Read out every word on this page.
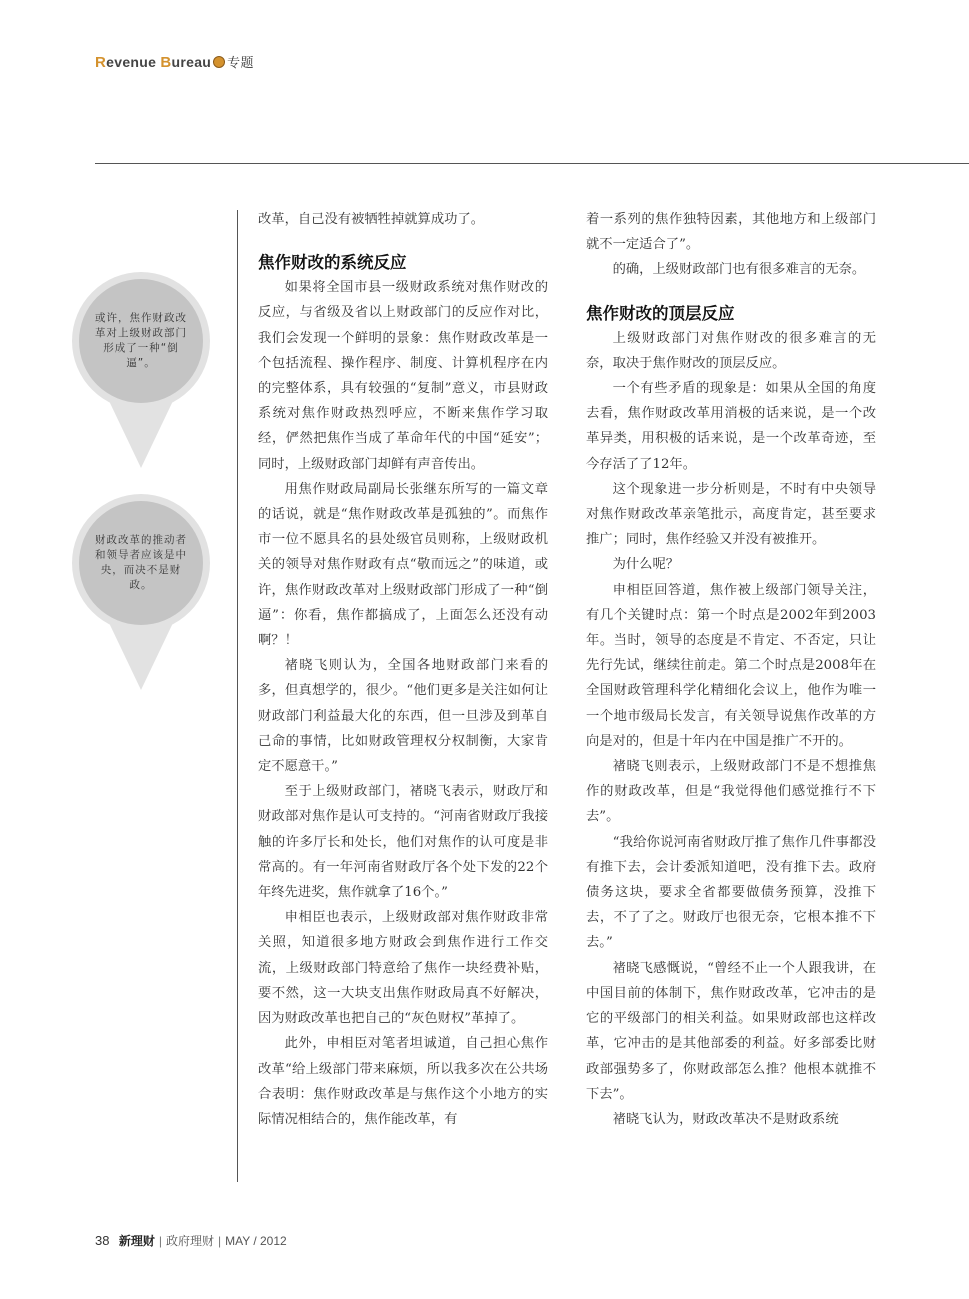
Revenue Bureau 专题
或许，焦作财政改革对上级财政部门形成了一种“倒逼”。
财政改革的推动者和领导者应该是中央，而决不是财政。

改革，自己没有被牺牲掉就算成功了。

焦作财改的系统反应

如果将全国市县一级财政系统对焦作财改的反应，与省级及省以上财政部门的反应作对比，我们会发现一个鲜明的景象：焦作财政改革是一个包括流程、操作程序、制度、计算机程序在内的完整体系，具有较强的“复制”意义，市县财政系统对焦作财政热烈呼应，不断来焦作学习取经，俨然把焦作当成了革命年代的中国“延安”；同时，上级财政部门却鲜有声音传出。

用焦作财政局副局长张继东所写的一篇文章的话说，就是“焦作财政改革是孤独的”。而焦作市一位不愿具名的县处级官员则称，上级财政机关的领导对焦作财政有点“敬而远之”的味道，或许，焦作财政改革对上级财政部门形成了一种“倒逼”：你看，焦作都搞成了，上面怎么还没有动啊？！

禇晓飞则认为，全国各地财政部门来看的多，但真想学的，很少。“他们更多是关注如何让财政部门利益最大化的东西，但一旦涉及到革自己命的事情，比如财政管理权分权制衡，大家肯定不愿意干。”

至于上级财政部门，禇晓飞表示，财政厅和财政部对焦作是认可支持的。“河南省财政厅我接触的许多厅长和处长，他们对焦作的认可度是非常高的。有一年河南省财政厅各个处下发的22个年终先进奖，焦作就拿了16个。”

申相臣也表示，上级财政部对焦作财政非常关照，知道很多地方财政会到焦作进行工作交流，上级财政部门特意给了焦作一块经费补贴，要不然，这一大块支出焦作财政局真不好解决，因为财政改革也把自己的“灰色财权”革掉了。

此外，申相臣对笔者坦诚道，自己担心焦作改革“给上级部门带来麻烦，所以我多次在公共场合表明：焦作财政改革是与焦作这个小地方的实际情况相结合的，焦作能改革，有

着一系列的焦作独特因素，其他地方和上级部门就不一定适合了”。

的确，上级财政部门也有很多难言的无奈。

焦作财改的顶层反应

上级财政部门对焦作财改的很多难言的无奈，取决于焦作财改的顶层反应。

一个有些矛盾的现象是：如果从全国的角度去看，焦作财政改革用消极的话来说，是一个改革异类，用积极的话来说，是一个改革奇迹，至今存活了了12年。

这个现象进一步分析则是，不时有中央领导对焦作财政改革亲笔批示，高度肯定，甚至要求推广；同时，焦作经验又并没有被推开。

为什么呢？

申相臣回答道，焦作被上级部门领导关注，有几个关键时点：第一个时点是2002年到2003年。当时，领导的态度是不肯定、不否定，只让先行先试，继续往前走。第二个时点是2008年在全国财政管理科学化精细化会议上，他作为唯一一个地市级局长发言，有关领导说焦作改革的方向是对的，但是十年内在中国是推广不开的。

禇晓飞则表示，上级财政部门不是不想推焦作的财政改革，但是“我觉得他们感觉推行不下去”。

“我给你说河南省财政厅推了焦作几件事都没有推下去，会计委派知道吧，没有推下去。政府债务这块，要求全省都要做债务预算，没推下去，不了了之。财政厅也很无奈，它根本推不下去。”

禇晓飞感慨说，“曾经不止一个人跟我讲，在中国目前的体制下，焦作财政改革，它冲击的是它的平级部门的相关利益。如果财政部也这样改革，它冲击的是其他部委的利益。好多部委比财政部强势多了，你财政部怎么推？他根本就推不下去”。

禇晓飞认为，财政改革决不是财政系统

38 新理财 | 政府理财 | MAY / 2012
